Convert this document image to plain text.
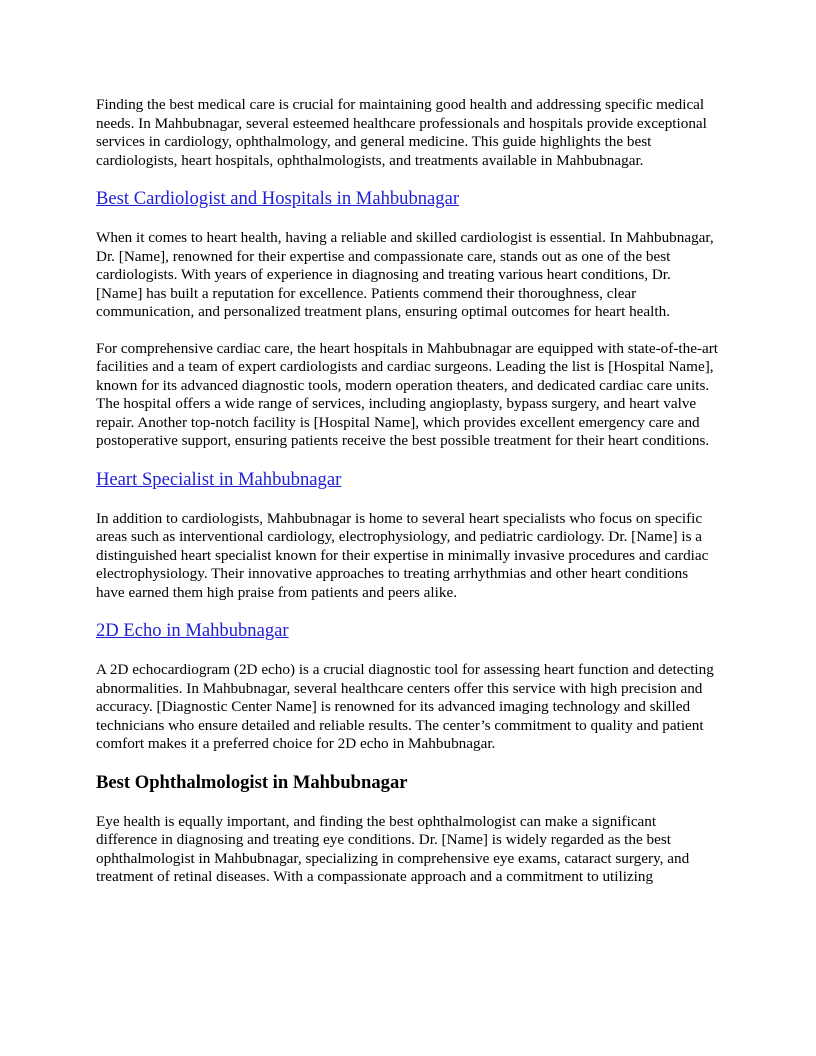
Finding the best medical care is crucial for maintaining good health and addressing specific medical needs. In Mahbubnagar, several esteemed healthcare professionals and hospitals provide exceptional services in cardiology, ophthalmology, and general medicine. This guide highlights the best cardiologists, heart hospitals, ophthalmologists, and treatments available in Mahbubnagar.

Best Cardiologist and Hospitals in Mahbubnagar

When it comes to heart health, having a reliable and skilled cardiologist is essential. In Mahbubnagar, Dr. [Name], renowned for their expertise and compassionate care, stands out as one of the best cardiologists. With years of experience in diagnosing and treating various heart conditions, Dr. [Name] has built a reputation for excellence. Patients commend their thoroughness, clear communication, and personalized treatment plans, ensuring optimal outcomes for heart health.

For comprehensive cardiac care, the heart hospitals in Mahbubnagar are equipped with state-of-the-art facilities and a team of expert cardiologists and cardiac surgeons. Leading the list is [Hospital Name], known for its advanced diagnostic tools, modern operation theaters, and dedicated cardiac care units. The hospital offers a wide range of services, including angioplasty, bypass surgery, and heart valve repair. Another top-notch facility is [Hospital Name], which provides excellent emergency care and postoperative support, ensuring patients receive the best possible treatment for their heart conditions.

Heart Specialist in Mahbubnagar

In addition to cardiologists, Mahbubnagar is home to several heart specialists who focus on specific areas such as interventional cardiology, electrophysiology, and pediatric cardiology. Dr. [Name] is a distinguished heart specialist known for their expertise in minimally invasive procedures and cardiac electrophysiology. Their innovative approaches to treating arrhythmias and other heart conditions have earned them high praise from patients and peers alike.

2D Echo in Mahbubnagar

A 2D echocardiogram (2D echo) is a crucial diagnostic tool for assessing heart function and detecting abnormalities. In Mahbubnagar, several healthcare centers offer this service with high precision and accuracy. [Diagnostic Center Name] is renowned for its advanced imaging technology and skilled technicians who ensure detailed and reliable results. The center’s commitment to quality and patient comfort makes it a preferred choice for 2D echo in Mahbubnagar.

Best Ophthalmologist in Mahbubnagar

Eye health is equally important, and finding the best ophthalmologist can make a significant difference in diagnosing and treating eye conditions. Dr. [Name] is widely regarded as the best ophthalmologist in Mahbubnagar, specializing in comprehensive eye exams, cataract surgery, and treatment of retinal diseases. With a compassionate approach and a commitment to utilizing
